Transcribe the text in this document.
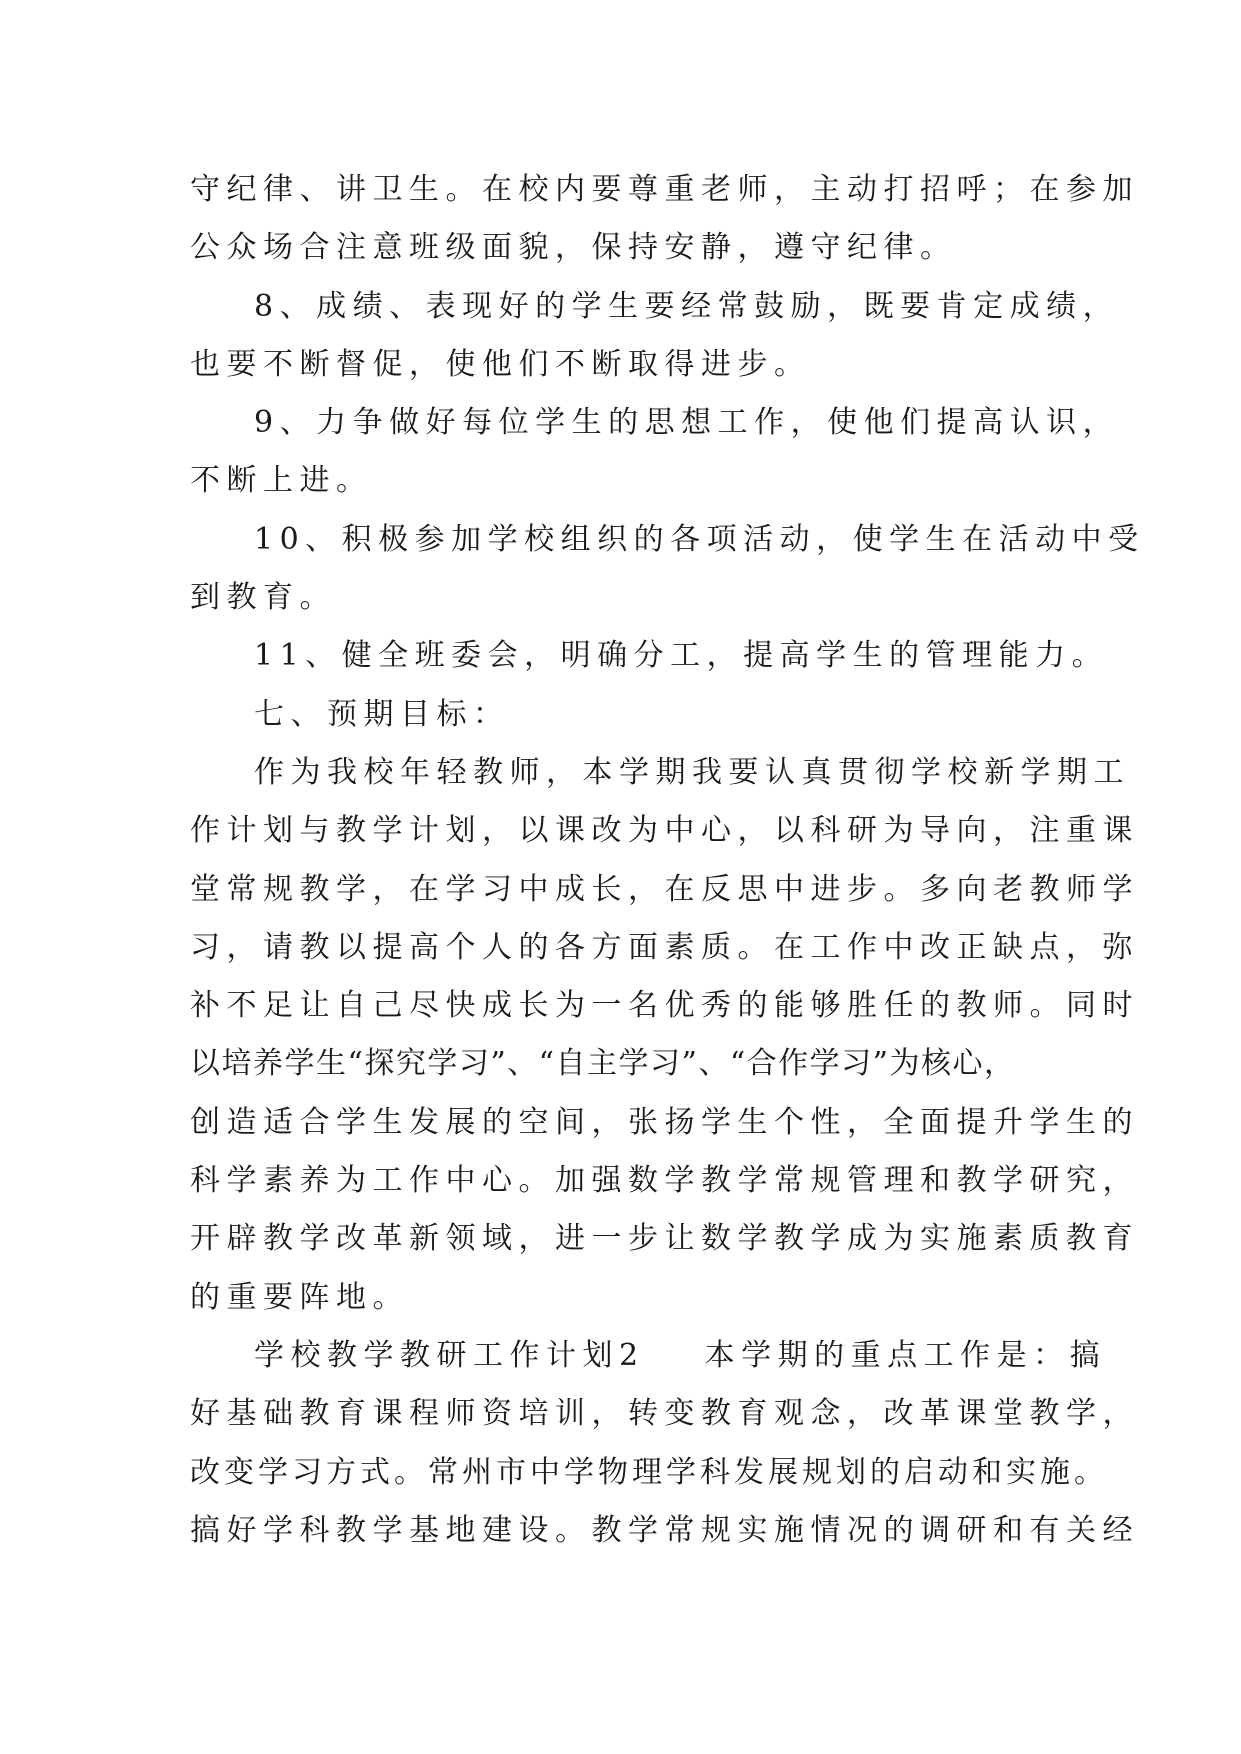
守纪律、讲卫生。在校内要尊重老师，主动打招呼；在参加
公众场合注意班级面貌，保持安静，遵守纪律。
8、成绩、表现好的学生要经常鼓励，既要肯定成绩，
也要不断督促，使他们不断取得进步。
9、力争做好每位学生的思想工作，使他们提高认识，
不断上进。
10、积极参加学校组织的各项活动，使学生在活动中受
到教育。
11、健全班委会，明确分工，提高学生的管理能力。
七、预期目标：
作为我校年轻教师，本学期我要认真贯彻学校新学期工
作计划与教学计划，以课改为中心，以科研为导向，注重课
堂常规教学，在学习中成长，在反思中进步。多向老教师学
习，请教以提高个人的各方面素质。在工作中改正缺点，弥
补不足让自己尽快成长为一名优秀的能够胜任的教师。同时
以培养学生“探究学习”、“自主学习”、“合作学习”为核心，
创造适合学生发展的空间，张扬学生个性，全面提升学生的
科学素养为工作中心。加强数学教学常规管理和教学研究，
开辟教学改革新领域，进一步让数学教学成为实施素质教育
的重要阵地。
学校教学教研工作计划2 本学期的重点工作是：搞
好基础教育课程师资培训，转变教育观念，改革课堂教学，
改变学习方式。常州市中学物理学科发展规划的启动和实施。
搞好学科教学基地建设。教学常规实施情况的调研和有关经
